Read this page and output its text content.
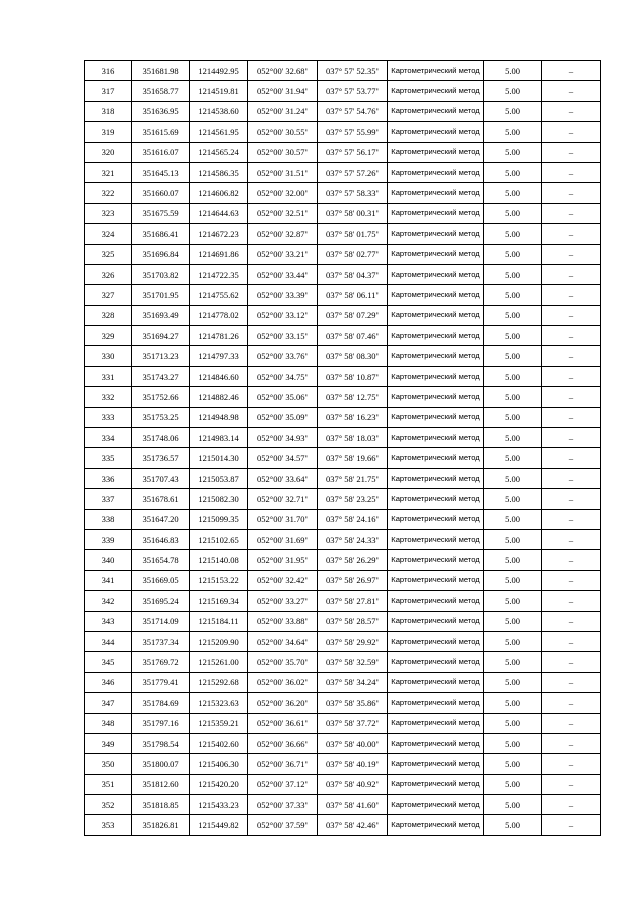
316	351681.98	1214492.95	052°00' 32.68"	037° 57' 52.35"	Картометрический метод	5.00	–
317	351658.77	1214519.81	052°00' 31.94"	037° 57' 53.77"	Картометрический метод	5.00	–
318	351636.95	1214538.60	052°00' 31.24"	037° 57' 54.76"	Картометрический метод	5.00	–
319	351615.69	1214561.95	052°00' 30.55"	037° 57' 55.99"	Картометрический метод	5.00	–
320	351616.07	1214565.24	052°00' 30.57"	037° 57' 56.17"	Картометрический метод	5.00	–
321	351645.13	1214586.35	052°00' 31.51"	037° 57' 57.26"	Картометрический метод	5.00	–
322	351660.07	1214606.82	052°00' 32.00"	037° 57' 58.33"	Картометрический метод	5.00	–
323	351675.59	1214644.63	052°00' 32.51"	037° 58' 00.31"	Картометрический метод	5.00	–
324	351686.41	1214672.23	052°00' 32.87"	037° 58' 01.75"	Картометрический метод	5.00	–
325	351696.84	1214691.86	052°00' 33.21"	037° 58' 02.77"	Картометрический метод	5.00	–
326	351703.82	1214722.35	052°00' 33.44"	037° 58' 04.37"	Картометрический метод	5.00	–
327	351701.95	1214755.62	052°00' 33.39"	037° 58' 06.11"	Картометрический метод	5.00	–
328	351693.49	1214778.02	052°00' 33.12"	037° 58' 07.29"	Картометрический метод	5.00	–
329	351694.27	1214781.26	052°00' 33.15"	037° 58' 07.46"	Картометрический метод	5.00	–
330	351713.23	1214797.33	052°00' 33.76"	037° 58' 08.30"	Картометрический метод	5.00	–
331	351743.27	1214846.60	052°00' 34.75"	037° 58' 10.87"	Картометрический метод	5.00	–
332	351752.66	1214882.46	052°00' 35.06"	037° 58' 12.75"	Картометрический метод	5.00	–
333	351753.25	1214948.98	052°00' 35.09"	037° 58' 16.23"	Картометрический метод	5.00	–
334	351748.06	1214983.14	052°00' 34.93"	037° 58' 18.03"	Картометрический метод	5.00	–
335	351736.57	1215014.30	052°00' 34.57"	037° 58' 19.66"	Картометрический метод	5.00	–
336	351707.43	1215053.87	052°00' 33.64"	037° 58' 21.75"	Картометрический метод	5.00	–
337	351678.61	1215082.30	052°00' 32.71"	037° 58' 23.25"	Картометрический метод	5.00	–
338	351647.20	1215099.35	052°00' 31.70"	037° 58' 24.16"	Картометрический метод	5.00	–
339	351646.83	1215102.65	052°00' 31.69"	037° 58' 24.33"	Картометрический метод	5.00	–
340	351654.78	1215140.08	052°00' 31.95"	037° 58' 26.29"	Картометрический метод	5.00	–
341	351669.05	1215153.22	052°00' 32.42"	037° 58' 26.97"	Картометрический метод	5.00	–
342	351695.24	1215169.34	052°00' 33.27"	037° 58' 27.81"	Картометрический метод	5.00	–
343	351714.09	1215184.11	052°00' 33.88"	037° 58' 28.57"	Картометрический метод	5.00	–
344	351737.34	1215209.90	052°00' 34.64"	037° 58' 29.92"	Картометрический метод	5.00	–
345	351769.72	1215261.00	052°00' 35.70"	037° 58' 32.59"	Картометрический метод	5.00	–
346	351779.41	1215292.68	052°00' 36.02"	037° 58' 34.24"	Картометрический метод	5.00	–
347	351784.69	1215323.63	052°00' 36.20"	037° 58' 35.86"	Картометрический метод	5.00	–
348	351797.16	1215359.21	052°00' 36.61"	037° 58' 37.72"	Картометрический метод	5.00	–
349	351798.54	1215402.60	052°00' 36.66"	037° 58' 40.00"	Картометрический метод	5.00	–
350	351800.07	1215406.30	052°00' 36.71"	037° 58' 40.19"	Картометрический метод	5.00	–
351	351812.60	1215420.20	052°00' 37.12"	037° 58' 40.92"	Картометрический метод	5.00	–
352	351818.85	1215433.23	052°00' 37.33"	037° 58' 41.60"	Картометрический метод	5.00	–
353	351826.81	1215449.82	052°00' 37.59"	037° 58' 42.46"	Картометрический метод	5.00	–
